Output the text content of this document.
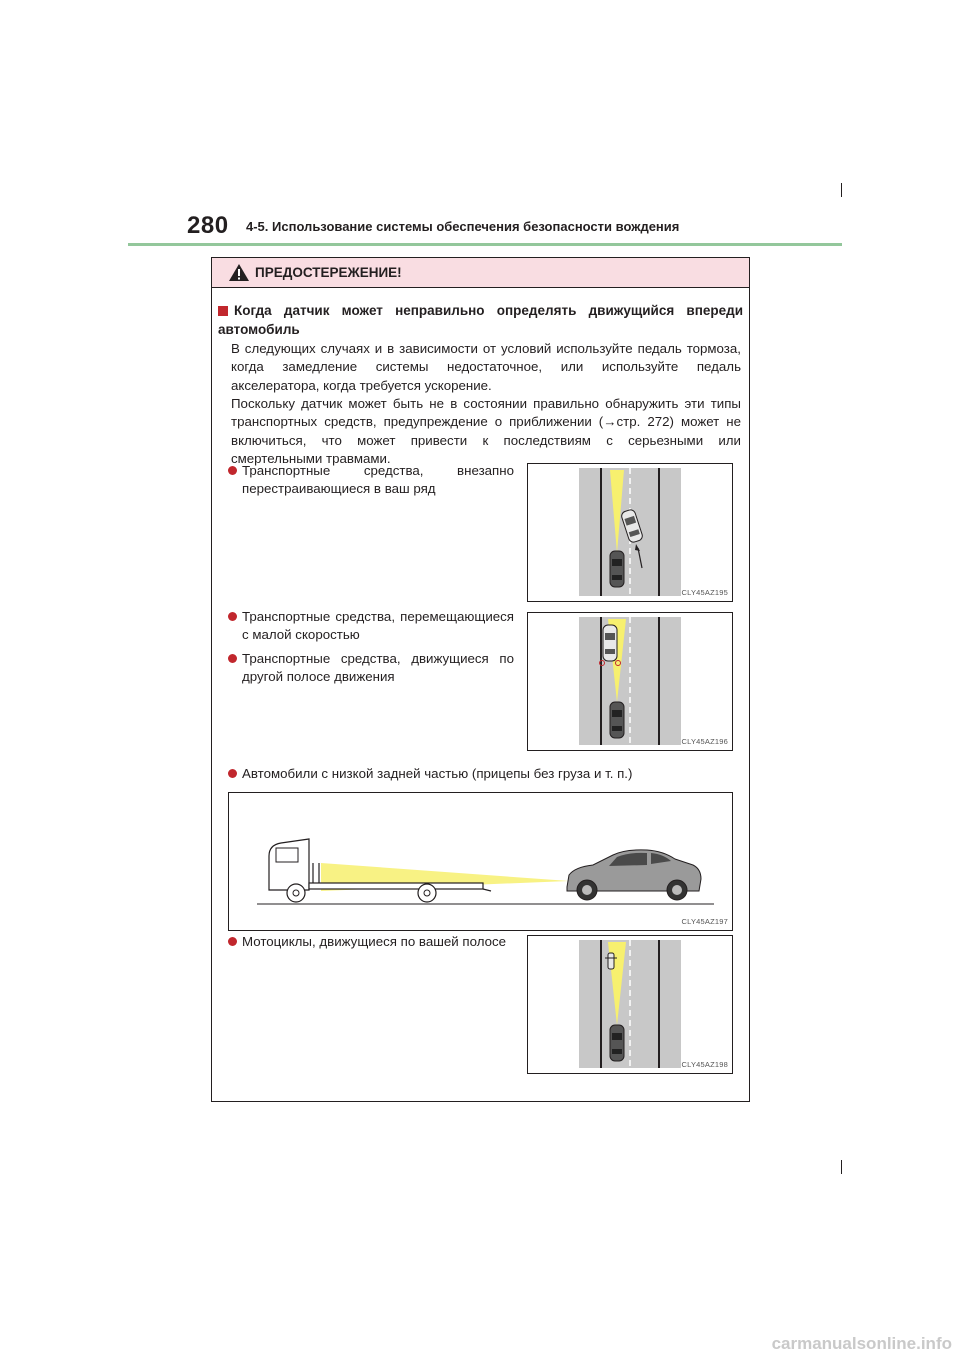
280 4-5. Использование системы обеспечения безопасности вождения
ПРЕДОСТЕРЕЖЕНИЕ!
Когда датчик может неправильно определять движущийся впереди автомобиль
В следующих случаях и в зависимости от условий используйте педаль тормоза, когда замедление системы недостаточное, или используйте педаль акселератора, когда требуется ускорение.
Поскольку датчик может быть не в состоянии правильно обнаружить эти типы транспортных средств, предупреждение о приближении (→стр. 272) может не включиться, что может привести к последствиям с серьезными или смертельными травмами.
Транспортные средства, внезапно перестраивающиеся в ваш ряд
Транспортные средства, перемещающиеся с малой скоростью
Транспортные средства, движущиеся по другой полосе движения
Автомобили с низкой задней частью (прицепы без груза и т. п.)
Мотоциклы, движущиеся по вашей полосе
CLY45AZ195
CLY45AZ196
CLY45AZ197
CLY45AZ198
carmanualsonline.info
